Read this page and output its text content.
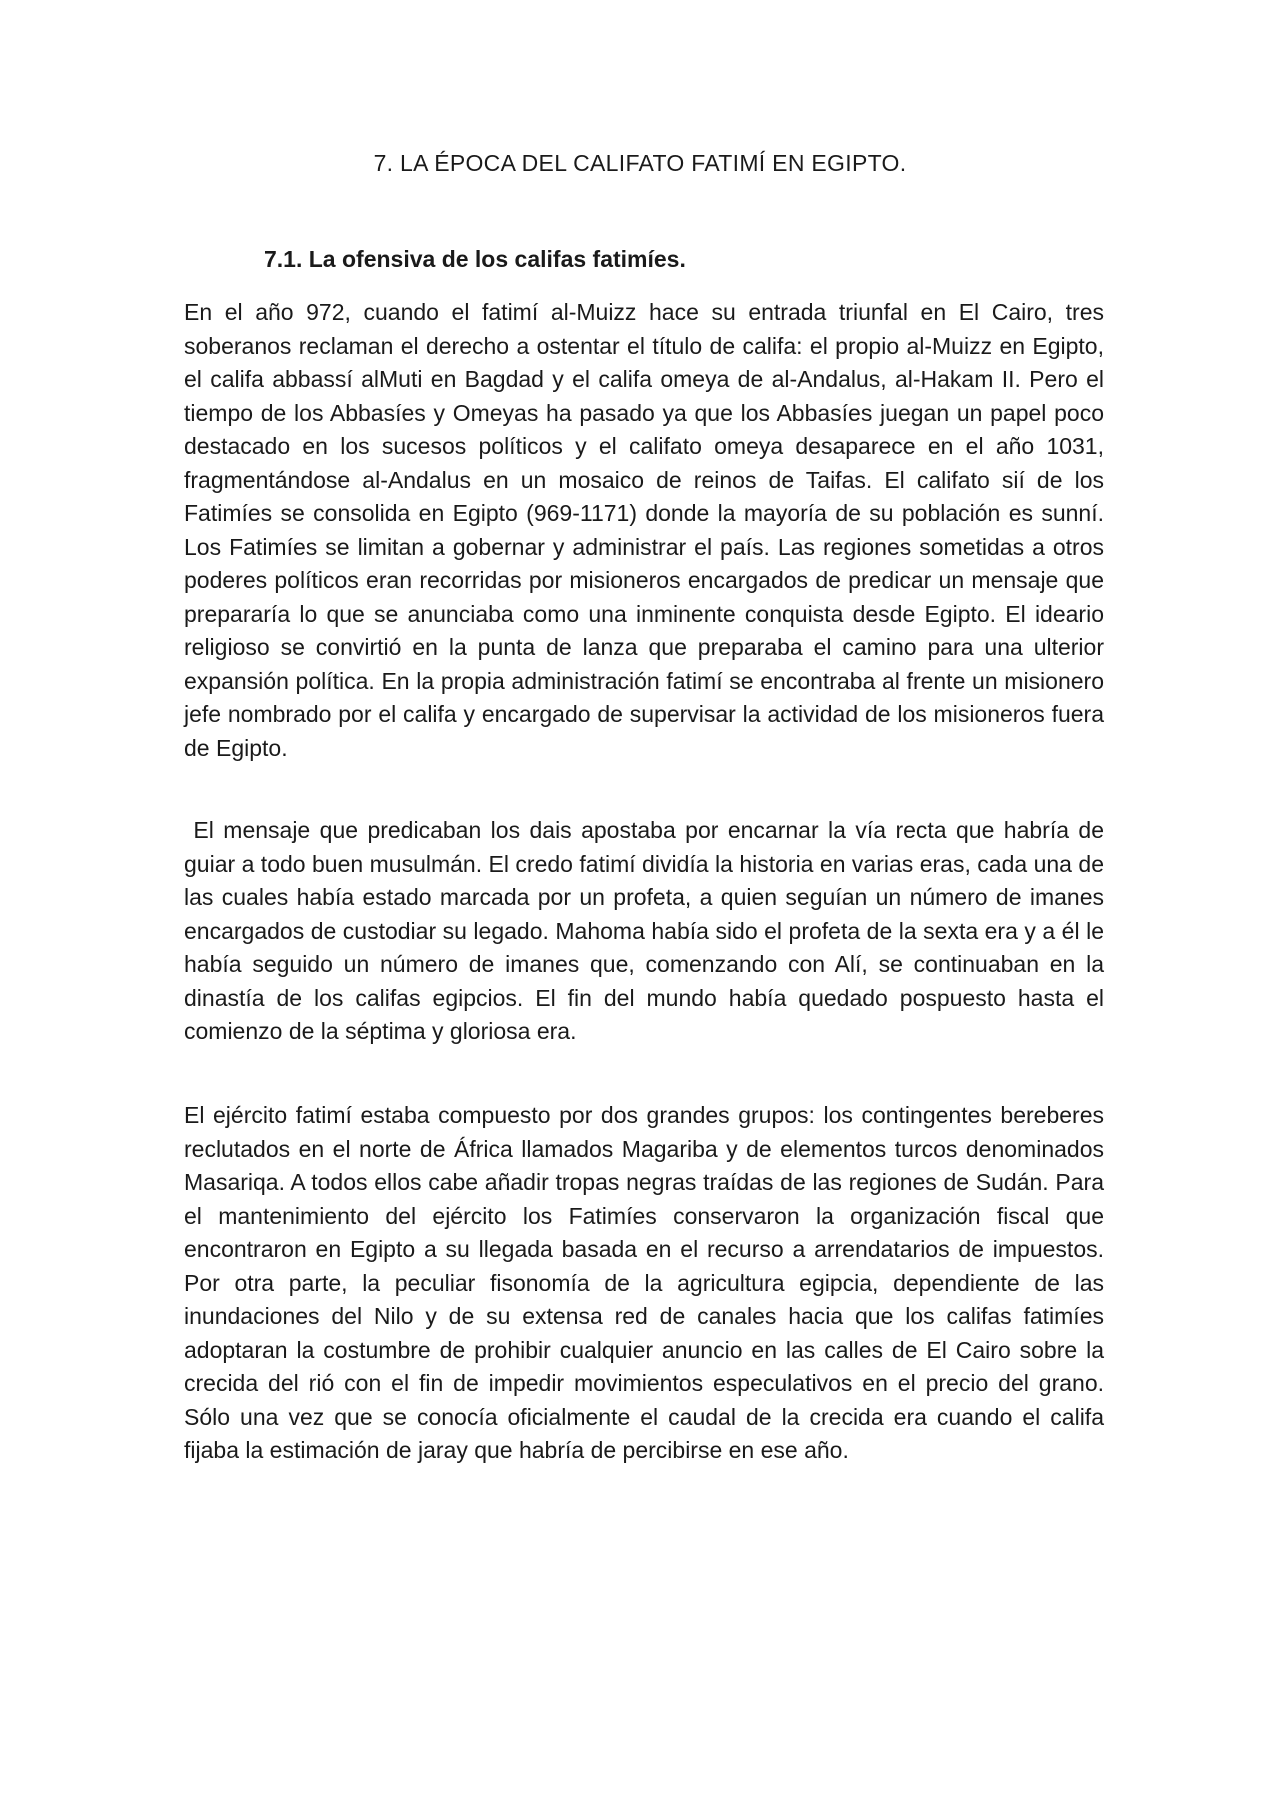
7. LA ÉPOCA DEL CALIFATO FATIMÍ EN EGIPTO.
7.1. La ofensiva de los califas fatimíes.

En el año 972, cuando el fatimí al-Muizz hace su entrada triunfal en El Cairo, tres soberanos reclaman el derecho a ostentar el título de califa: el propio al-Muizz en Egipto, el califa abbassí alMuti en Bagdad y el califa omeya de al-Andalus, al-Hakam II. Pero el tiempo de los Abbasíes y Omeyas ha pasado ya que los Abbasíes juegan un papel poco destacado en los sucesos políticos y el califato omeya desaparece en el año 1031, fragmentándose al-Andalus en un mosaico de reinos de Taifas. El califato sií de los Fatimíes se consolida en Egipto (969-1171) donde la mayoría de su población es sunní. Los Fatimíes se limitan a gobernar y administrar el país. Las regiones sometidas a otros poderes políticos eran recorridas por misioneros encargados de predicar un mensaje que prepararía lo que se anunciaba como una inminente conquista desde Egipto. El ideario religioso se convirtió en la punta de lanza que preparaba el camino para una ulterior expansión política. En la propia administración fatimí se encontraba al frente un misionero jefe nombrado por el califa y encargado de supervisar la actividad de los misioneros fuera de Egipto.

El mensaje que predicaban los dais apostaba por encarnar la vía recta que habría de guiar a todo buen musulmán. El credo fatimí dividía la historia en varias eras, cada una de las cuales había estado marcada por un profeta, a quien seguían un número de imanes encargados de custodiar su legado. Mahoma había sido el profeta de la sexta era y a él le había seguido un número de imanes que, comenzando con Alí, se continuaban en la dinastía de los califas egipcios. El fin del mundo había quedado pospuesto hasta el comienzo de la séptima y gloriosa era.

El ejército fatimí estaba compuesto por dos grandes grupos: los contingentes bereberes reclutados en el norte de África llamados Magariba y de elementos turcos denominados Masariqa. A todos ellos cabe añadir tropas negras traídas de las regiones de Sudán. Para el mantenimiento del ejército los Fatimíes conservaron la organización fiscal que encontraron en Egipto a su llegada basada en el recurso a arrendatarios de impuestos. Por otra parte, la peculiar fisonomía de la agricultura egipcia, dependiente de las inundaciones del Nilo y de su extensa red de canales hacia que los califas fatimíes adoptaran la costumbre de prohibir cualquier anuncio en las calles de El Cairo sobre la crecida del rió con el fin de impedir movimientos especulativos en el precio del grano. Sólo una vez que se conocía oficialmente el caudal de la crecida era cuando el califa fijaba la estimación de jaray que habría de percibirse en ese año.
